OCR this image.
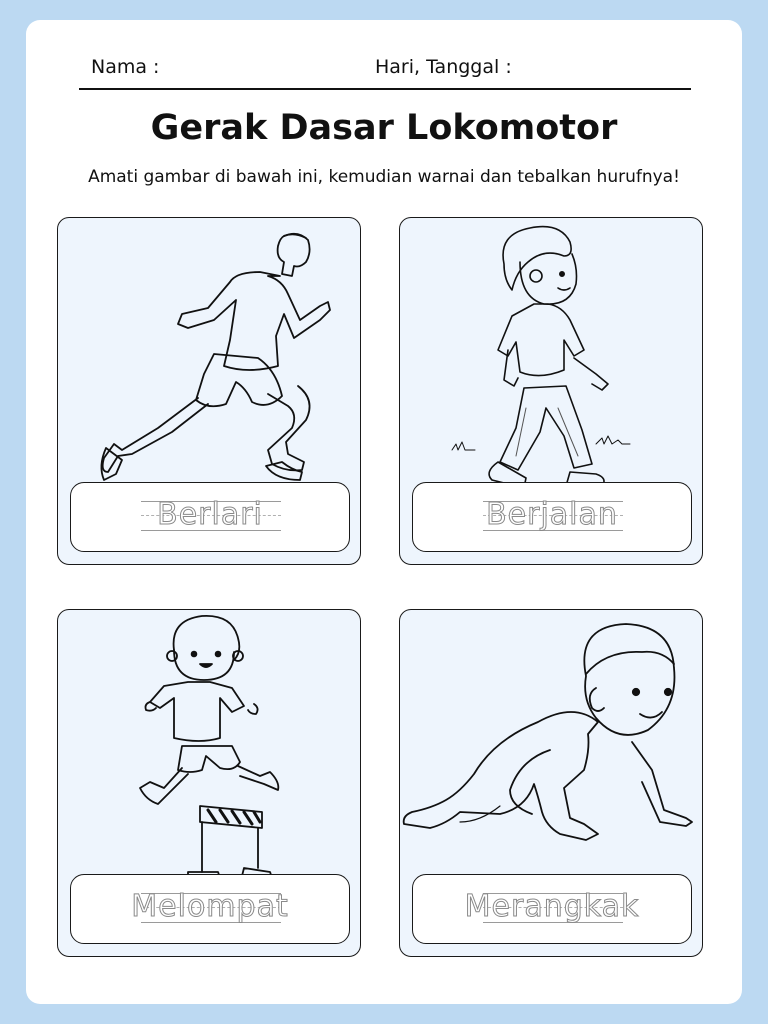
Nama :	Hari, Tanggal :
Gerak Dasar Lokomotor
Amati gambar di bawah ini, kemudian warnai dan tebalkan hurufnya!
Berlari	Berjalan
Melompat	Merangkak
